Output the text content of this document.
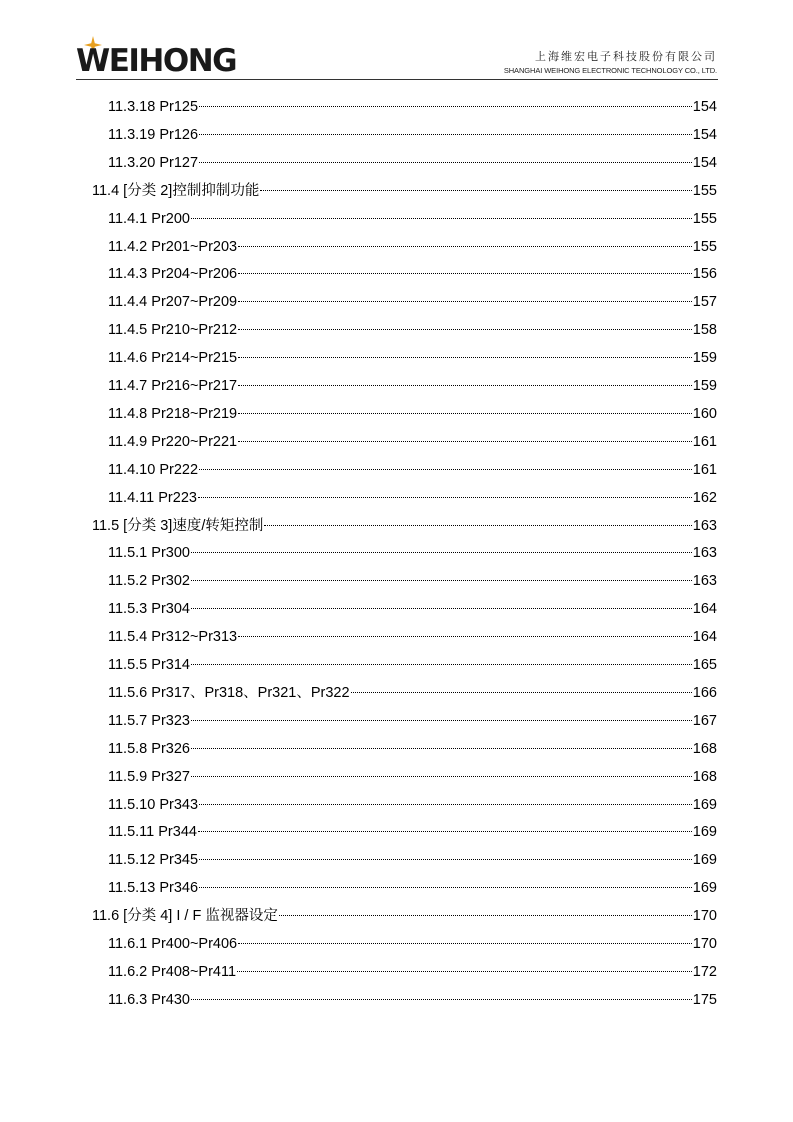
WEIHONG	上海维宏电子科技股份有限公司
SHANGHAI WEIHONG ELECTRONIC TECHNOLOGY CO., LTD.
11.3.18 Pr125	154
11.3.19 Pr126	154
11.3.20 Pr127	154
11.4 [分类 2]控制抑制功能	155
11.4.1 Pr200	155
11.4.2 Pr201~Pr203	155
11.4.3 Pr204~Pr206	156
11.4.4 Pr207~Pr209	157
11.4.5 Pr210~Pr212	158
11.4.6 Pr214~Pr215	159
11.4.7 Pr216~Pr217	159
11.4.8 Pr218~Pr219	160
11.4.9 Pr220~Pr221	161
11.4.10 Pr222	161
11.4.11 Pr223	162
11.5 [分类 3]速度/转矩控制	163
11.5.1 Pr300	163
11.5.2 Pr302	163
11.5.3 Pr304	164
11.5.4 Pr312~Pr313	164
11.5.5 Pr314	165
11.5.6 Pr317、Pr318、Pr321、Pr322	166
11.5.7 Pr323	167
11.5.8 Pr326	168
11.5.9 Pr327	168
11.5.10 Pr343	169
11.5.11 Pr344	169
11.5.12 Pr345	169
11.5.13 Pr346	169
11.6 [分类 4] I / F 监视器设定	170
11.6.1 Pr400~Pr406	170
11.6.2 Pr408~Pr411	172
11.6.3 Pr430	175
